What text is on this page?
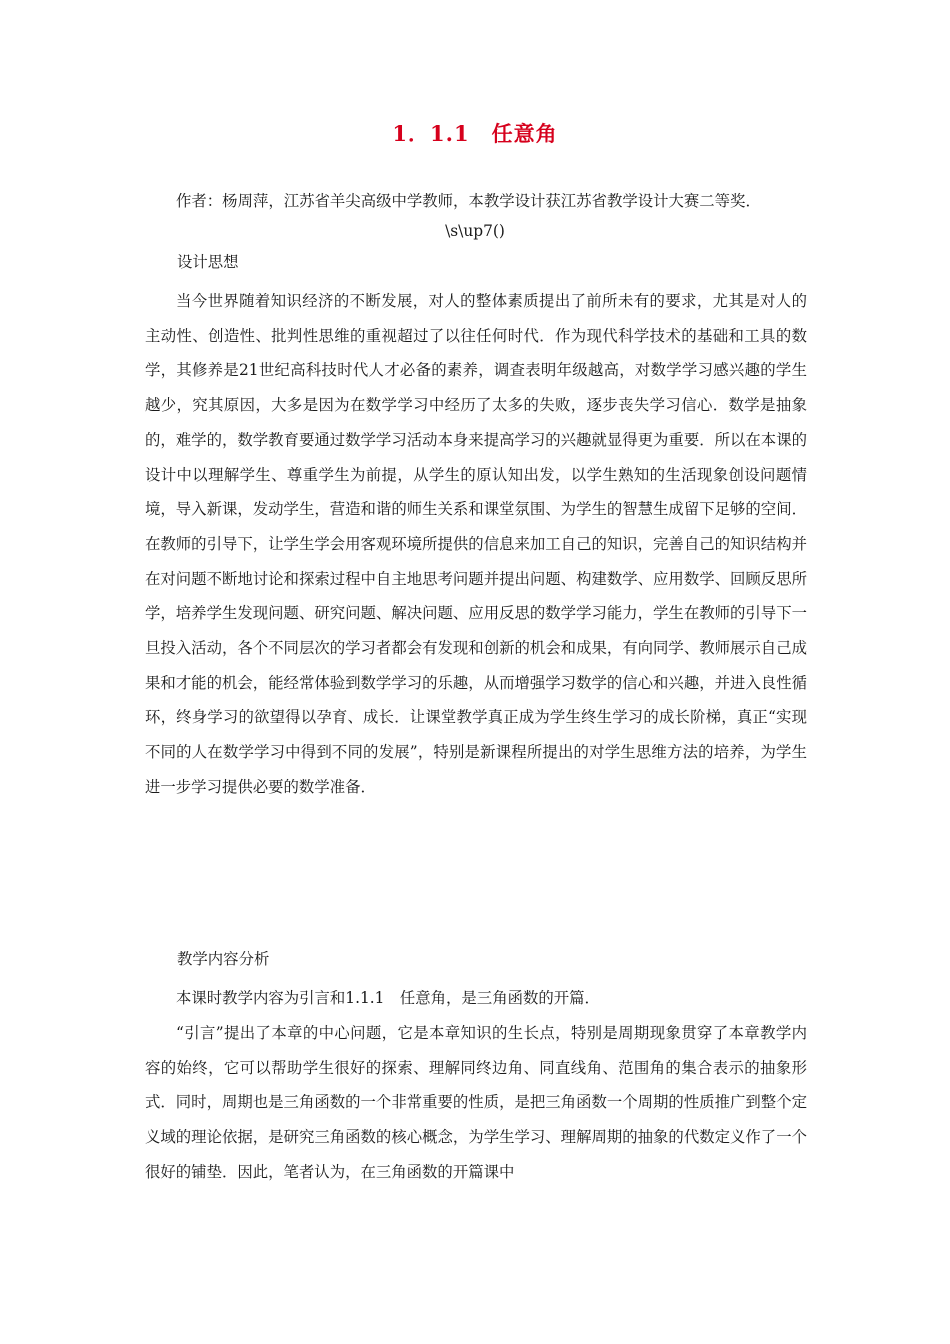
1．1.1　任意角
作者：杨周萍，江苏省羊尖高级中学教师，本教学设计获江苏省教学设计大赛二等奖．
\s\up7()
设计思想
当今世界随着知识经济的不断发展，对人的整体素质提出了前所未有的要求，尤其是对人的主动性、创造性、批判性思维的重视超过了以往任何时代．作为现代科学技术的基础和工具的数学，其修养是21世纪高科技时代人才必备的素养，调查表明年级越高，对数学学习感兴趣的学生越少，究其原因，大多是因为在数学学习中经历了太多的失败，逐步丧失学习信心．数学是抽象的，难学的，数学教育要通过数学学习活动本身来提高学习的兴趣就显得更为重要．所以在本课的设计中以理解学生、尊重学生为前提，从学生的原认知出发，以学生熟知的生活现象创设问题情境，导入新课，发动学生，营造和谐的师生关系和课堂氛围、为学生的智慧生成留下足够的空间．在教师的引导下，让学生学会用客观环境所提供的信息来加工自己的知识，完善自己的知识结构并在对问题不断地讨论和探索过程中自主地思考问题并提出问题、构建数学、应用数学、回顾反思所学，培养学生发现问题、研究问题、解决问题、应用反思的数学学习能力，学生在教师的引导下一旦投入活动，各个不同层次的学习者都会有发现和创新的机会和成果，有向同学、教师展示自己成果和才能的机会，能经常体验到数学学习的乐趣，从而增强学习数学的信心和兴趣，并进入良性循环，终身学习的欲望得以孕育、成长．让课堂教学真正成为学生终生学习的成长阶梯，真正“实现不同的人在数学学习中得到不同的发展”，特别是新课程所提出的对学生思维方法的培养，为学生进一步学习提供必要的数学准备．
教学内容分析
本课时教学内容为引言和1.1.1　任意角，是三角函数的开篇．
“引言”提出了本章的中心问题，它是本章知识的生长点，特别是周期现象贯穿了本章教学内容的始终，它可以帮助学生很好的探索、理解同终边角、同直线角、范围角的集合表示的抽象形式．同时，周期也是三角函数的一个非常重要的性质，是把三角函数一个周期的性质推广到整个定义域的理论依据，是研究三角函数的核心概念，为学生学习、理解周期的抽象的代数定义作了一个很好的铺垫．因此，笔者认为，在三角函数的开篇课中
